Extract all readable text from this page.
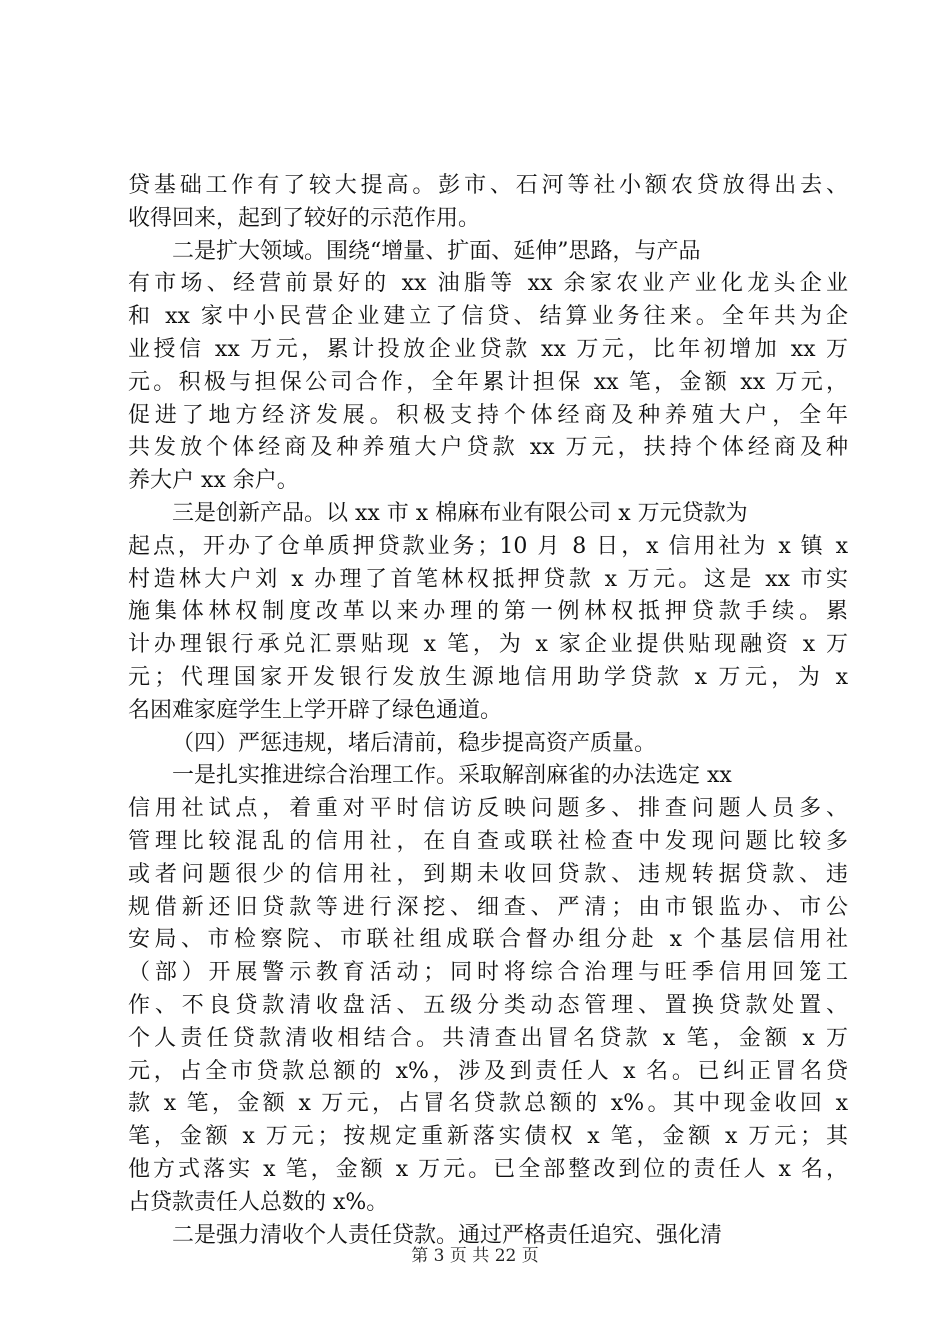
贷基础工作有了较大提高。彭市、石河等社小额农贷放得出去、
收得回来，起到了较好的示范作用。
二是扩大领域。围绕“增量、扩面、延伸”思路，与产品
有市场、经营前景好的 xx 油脂等 xx 余家农业产业化龙头企业
和 xx 家中小民营企业建立了信贷、结算业务往来。全年共为企
业授信 xx 万元，累计投放企业贷款 xx 万元，比年初增加 xx 万
元。积极与担保公司合作，全年累计担保 xx 笔，金额 xx 万元，
促进了地方经济发展。积极支持个体经商及种养殖大户，全年
共发放个体经商及种养殖大户贷款 xx 万元，扶持个体经商及种
养大户 xx 余户。
三是创新产品。以 xx 市 x 棉麻布业有限公司 x 万元贷款为
起点，开办了仓单质押贷款业务；10 月 8 日，x 信用社为 x 镇 x
村造林大户刘 x 办理了首笔林权抵押贷款 x 万元。这是 xx 市实
施集体林权制度改革以来办理的第一例林权抵押贷款手续。累
计办理银行承兑汇票贴现 x 笔，为 x 家企业提供贴现融资 x 万
元；代理国家开发银行发放生源地信用助学贷款 x 万元，为 x
名困难家庭学生上学开辟了绿色通道。
（四）严惩违规，堵后清前，稳步提高资产质量。
一是扎实推进综合治理工作。采取解剖麻雀的办法选定 xx
信用社试点，着重对平时信访反映问题多、排查问题人员多、
管理比较混乱的信用社，在自查或联社检查中发现问题比较多
或者问题很少的信用社，到期未收回贷款、违规转据贷款、违
规借新还旧贷款等进行深挖、细查、严清；由市银监办、市公
安局、市检察院、市联社组成联合督办组分赴 x 个基层信用社
（部）开展警示教育活动；同时将综合治理与旺季信用回笼工
作、不良贷款清收盘活、五级分类动态管理、置换贷款处置、
个人责任贷款清收相结合。共清查出冒名贷款 x 笔，金额 x 万
元，占全市贷款总额的 x%，涉及到责任人 x 名。已纠正冒名贷
款 x 笔，金额 x 万元，占冒名贷款总额的 x%。其中现金收回 x
笔，金额 x 万元；按规定重新落实债权 x 笔，金额 x 万元；其
他方式落实 x 笔，金额 x 万元。已全部整改到位的责任人 x 名，
占贷款责任人总数的 x%。
二是强力清收个人责任贷款。通过严格责任追究、强化清
第 3 页 共 22 页
